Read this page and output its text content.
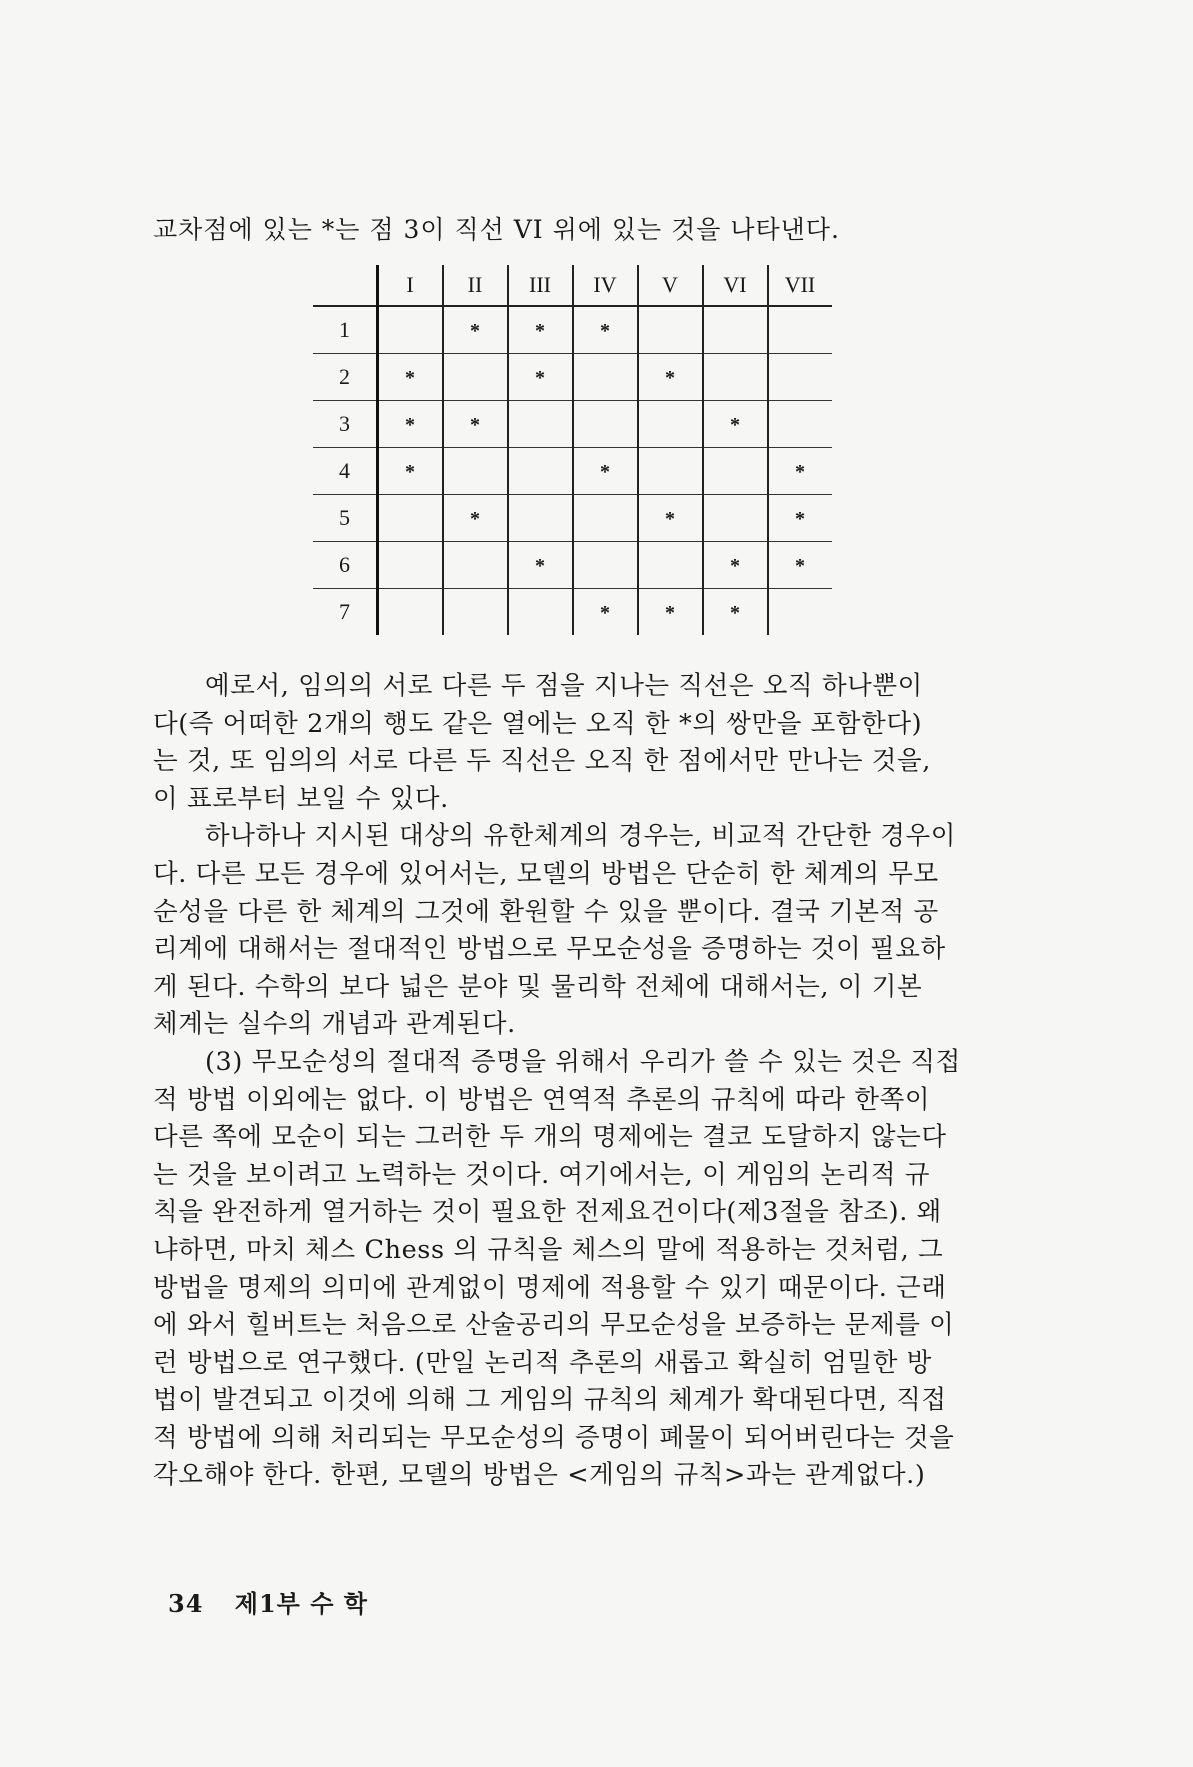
교차점에 있는 *는 점 3이 직선 VI 위에 있는 것을 나타낸다.
	I	II	III	IV	V	VI	VII
1		*	*	*			
2	*		*		*		
3	*	*				*	
4	*			*			*
5		*			*		*
6			*			*	*
7				*	*	*	

예로서, 임의의 서로 다른 두 점을 지나는 직선은 오직 하나뿐이
다(즉 어떠한 2개의 행도 같은 열에는 오직 한 *의 쌍만을 포함한다)
는 것, 또 임의의 서로 다른 두 직선은 오직 한 점에서만 만나는 것을,
이 표로부터 보일 수 있다.

하나하나 지시된 대상의 유한체계의 경우는, 비교적 간단한 경우이
다. 다른 모든 경우에 있어서는, 모델의 방법은 단순히 한 체계의 무모
순성을 다른 한 체계의 그것에 환원할 수 있을 뿐이다. 결국 기본적 공
리계에 대해서는 절대적인 방법으로 무모순성을 증명하는 것이 필요하
게 된다. 수학의 보다 넓은 분야 및 물리학 전체에 대해서는, 이 기본
체계는 실수의 개념과 관계된다.

(3) 무모순성의 절대적 증명을 위해서 우리가 쓸 수 있는 것은 직접
적 방법 이외에는 없다. 이 방법은 연역적 추론의 규칙에 따라 한쪽이
다른 쪽에 모순이 되는 그러한 두 개의 명제에는 결코 도달하지 않는다
는 것을 보이려고 노력하는 것이다. 여기에서는, 이 게임의 논리적 규
칙을 완전하게 열거하는 것이 필요한 전제요건이다(제3절을 참조). 왜
냐하면, 마치 체스 Chess 의 규칙을 체스의 말에 적용하는 것처럼, 그
방법을 명제의 의미에 관계없이 명제에 적용할 수 있기 때문이다. 근래
에 와서 힐버트는 처음으로 산술공리의 무모순성을 보증하는 문제를 이
런 방법으로 연구했다. (만일 논리적 추론의 새롭고 확실히 엄밀한 방
법이 발견되고 이것에 의해 그 게임의 규칙의 체계가 확대된다면, 직접
적 방법에 의해 처리되는 무모순성의 증명이 폐물이 되어버린다는 것을
각오해야 한다. 한편, 모델의 방법은 <게임의 규칙>과는 관계없다.)

34 제1부 수 학
